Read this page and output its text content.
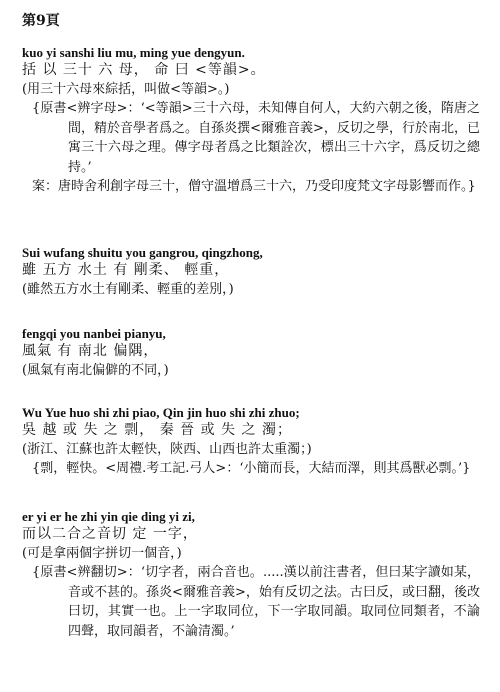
第9頁
kuo yi sanshi liu mu, ming yue dengyun.
括 以 三十 六 母， 命 曰 <等韻>。
(用三十六母來綜括，叫做<等韻>。)

{原書<辨字母>：‘<等韻>三十六母，未知傳自何人，大約六朝之後，隋唐之間，精於音學者爲之。自孫炎撰<爾雅音義>，反切之學，行於南北，已寓三十六母之理。傳字母者爲之比類詮次，標出三十六字，爲反切之總持。’

案：唐時舍利創字母三十，僧守溫增爲三十六，乃受印度梵文字母影響而作。}

Sui wufang shuitu you gangrou, qingzhong,
雖 五方 水土 有 剛柔、 輕重，
(雖然五方水土有剛柔、輕重的差別，)
fengqi you nanbei pianyu,
風氣 有 南北 偏隅，
(風氣有南北偏僻的不同，)
Wu Yue huo shi zhi piao, Qin jin huo shi zhi zhuo;
吳 越 或 失 之 剽， 秦 晉 或 失 之 濁；
(浙江、江蘇也許太輕快，陝西、山西也許太重濁；)

{剽，輕快。<周禮.考工記.弓人>：‘小簡而長，大結而澤，則其爲獸必剽。’}

er yi er he zhi yin qie ding yi zi,
而以二合之音切 定 一字，
(可是拿兩個字拼切一個音，)

{原書<辨翻切>：‘切字者，兩合音也。.....漢以前注書者，但曰某字讀如某，音或不甚的。孫炎<爾雅音義>，始有反切之法。古曰反，或曰翻，後改曰切，其實一也。上一字取同位，下一字取同韻。取同位同類者，不論四聲，取同韻者，不論清濁。’
